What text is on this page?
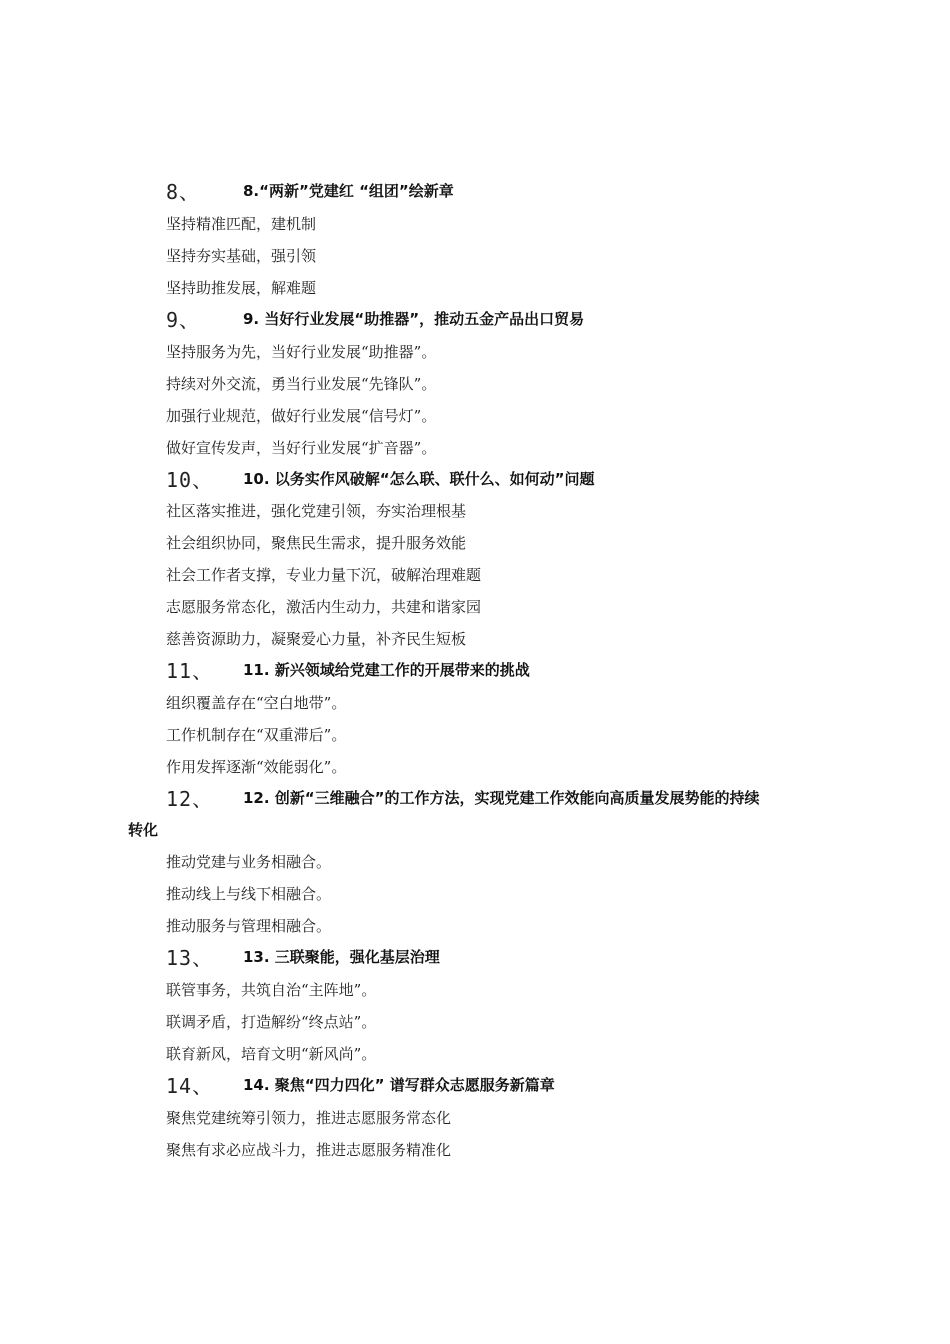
8、	8.“两新”党建红 “组团”绘新章
坚持精准匹配，建机制
坚持夯实基础，强引领
坚持助推发展，解难题
9、	9. 当好行业发展“助推器”，推动五金产品出口贸易
坚持服务为先，当好行业发展“助推器”。
持续对外交流，勇当行业发展“先锋队”。
加强行业规范，做好行业发展“信号灯”。
做好宣传发声，当好行业发展“扩音器”。
10、 10. 以务实作风破解“怎么联、联什么、如何动”问题
社区落实推进，强化党建引领，夯实治理根基
社会组织协同，聚焦民生需求，提升服务效能
社会工作者支撑，专业力量下沉，破解治理难题
志愿服务常态化，激活内生动力，共建和谐家园
慈善资源助力，凝聚爱心力量，补齐民生短板
11、 11. 新兴领域给党建工作的开展带来的挑战
组织覆盖存在“空白地带”。
工作机制存在“双重滞后”。
作用发挥逐渐“效能弱化”。
12、 12. 创新“三维融合”的工作方法，实现党建工作效能向高质量发展势能的持续
转化
推动党建与业务相融合。
推动线上与线下相融合。
推动服务与管理相融合。
13、 13. 三联聚能，强化基层治理
联管事务，共筑自治“主阵地”。
联调矛盾，打造解纷“终点站”。
联育新风，培育文明“新风尚”。
14、 14. 聚焦“四力四化” 谱写群众志愿服务新篇章
聚焦党建统筹引领力，推进志愿服务常态化
聚焦有求必应战斗力，推进志愿服务精准化
